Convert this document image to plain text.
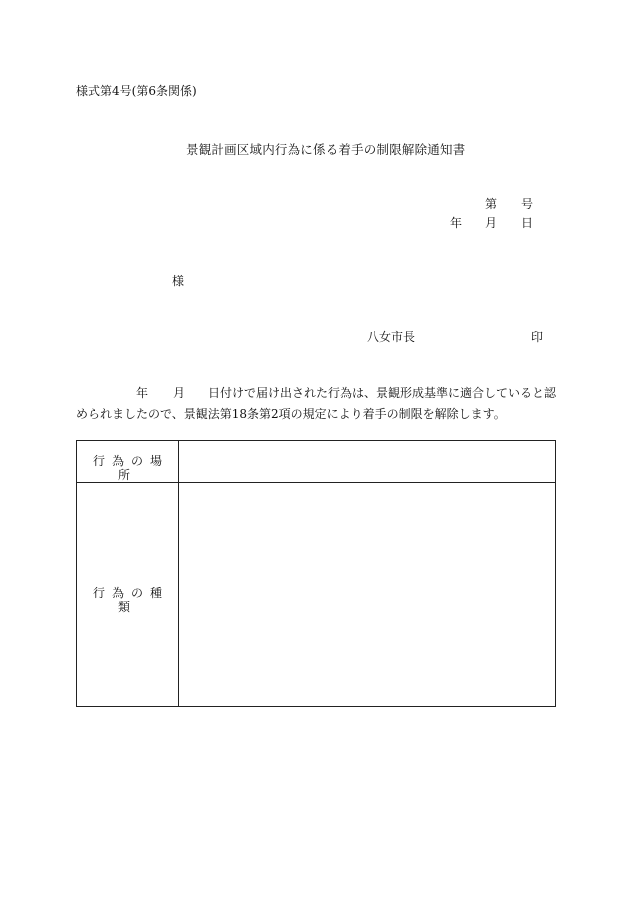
様式第4号(第6条関係)
景観計画区域内行為に係る着手の制限解除通知書
第 号
年 月 日
様
八女市長	印
年 月 日付けで届け出された行為は、景観形成基準に適合していると認
められましたので、景観法第18条第2項の規定により着手の制限を解除します。
行為の場所
行為の種類
